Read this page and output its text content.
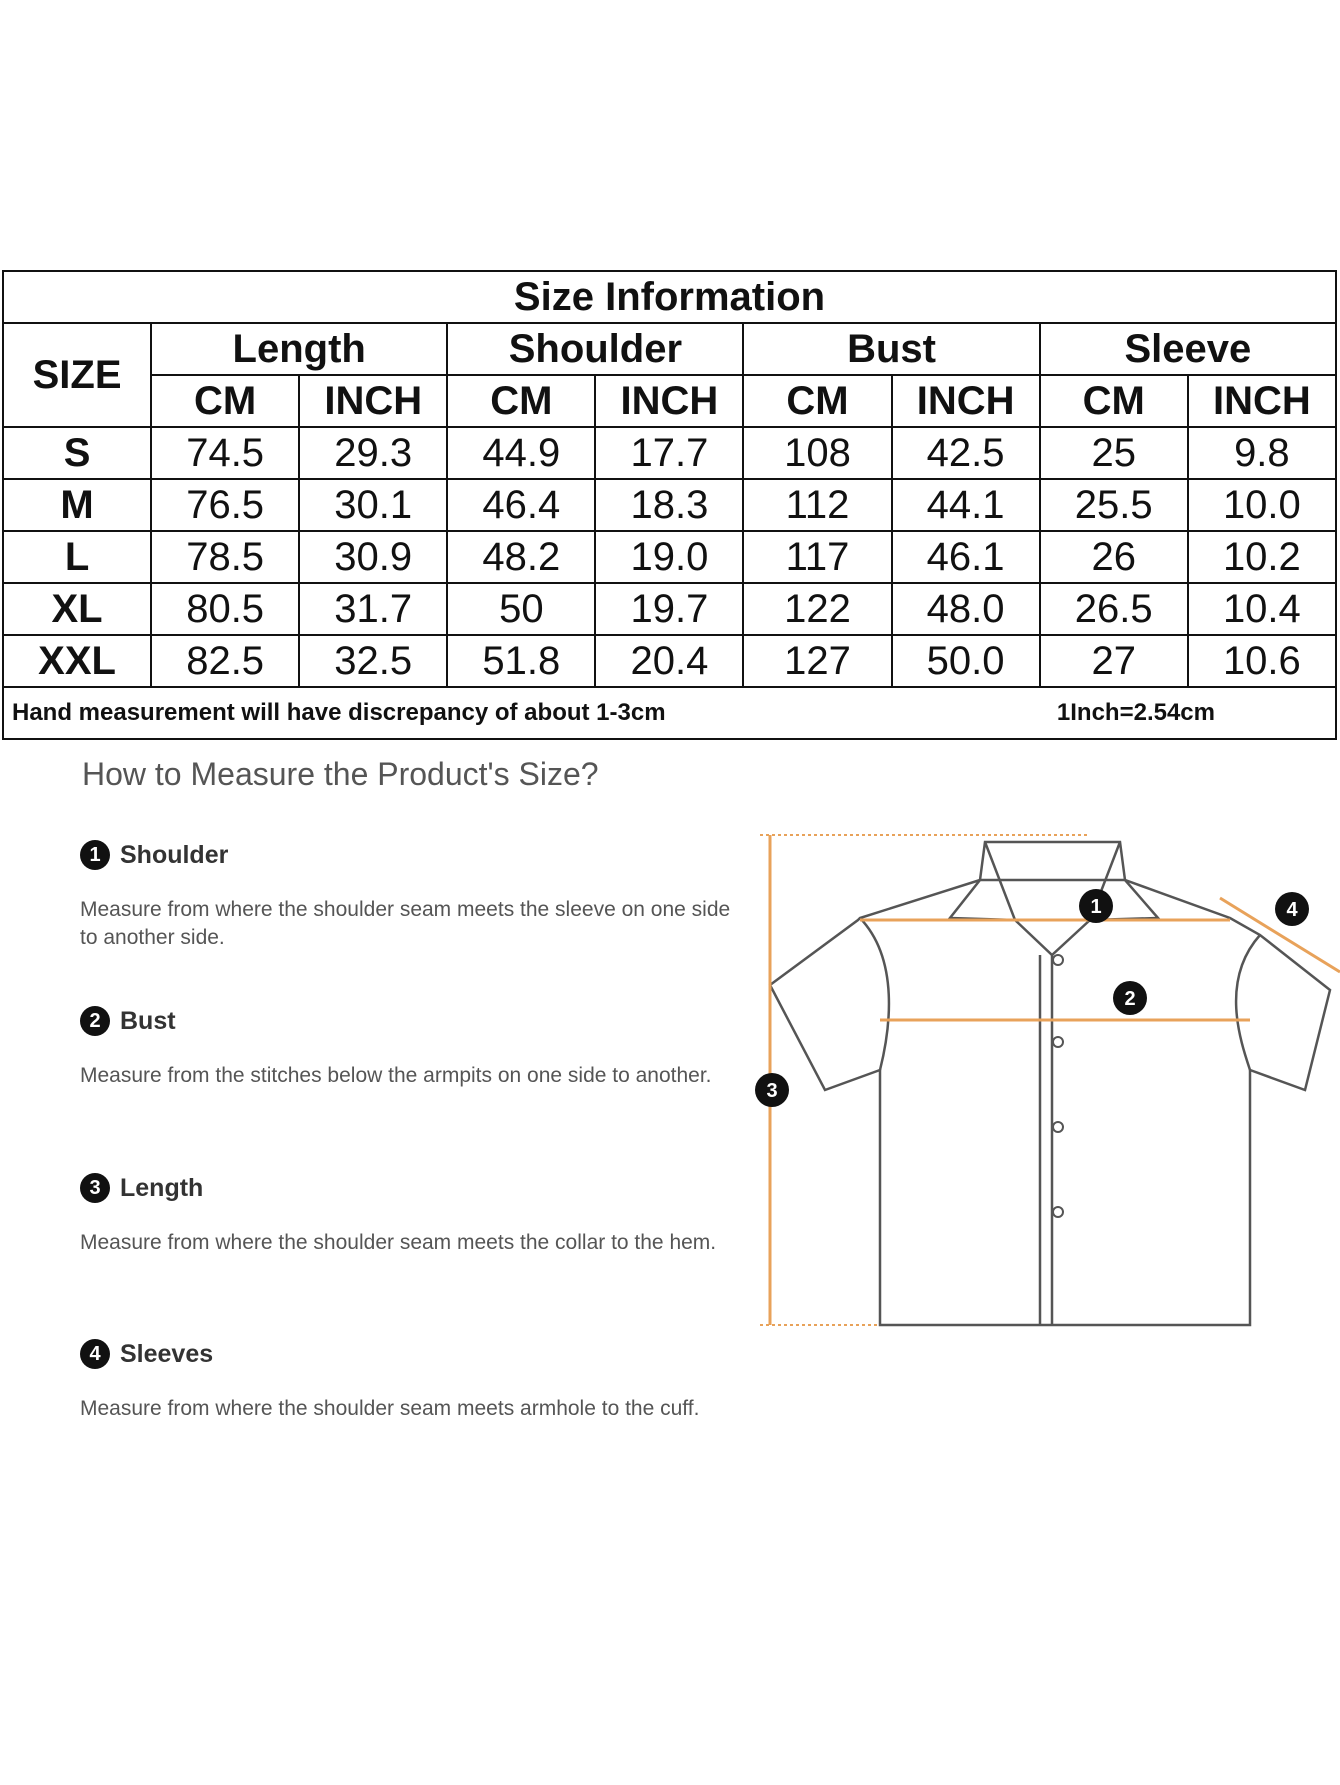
Size Information								
SIZE	Length		Shoulder		Bust		Sleeve	
	CM	INCH	CM	INCH	CM	INCH	CM	INCH
S	74.5	29.3	44.9	17.7	108	42.5	25	9.8
M	76.5	30.1	46.4	18.3	112	44.1	25.5	10.0
L	78.5	30.9	48.2	19.0	117	46.1	26	10.2
XL	80.5	31.7	50	19.7	122	48.0	26.5	10.4
XXL	82.5	32.5	51.8	20.4	127	50.0	27	10.6

Hand measurement will have discrepancy of about 1-3cm 1Inch=2.54cm								
How to Measure the Product's Size?
1 Shoulder
Measure from where the shoulder seam meets the sleeve on one side to another side.
2 Bust
Measure from the stitches below the armpits on one side to another.
3 Length
Measure from where the shoulder seam meets the collar to the hem.
4 Sleeves
Measure from where the shoulder seam meets armhole to the cuff.
1
2
3
4
